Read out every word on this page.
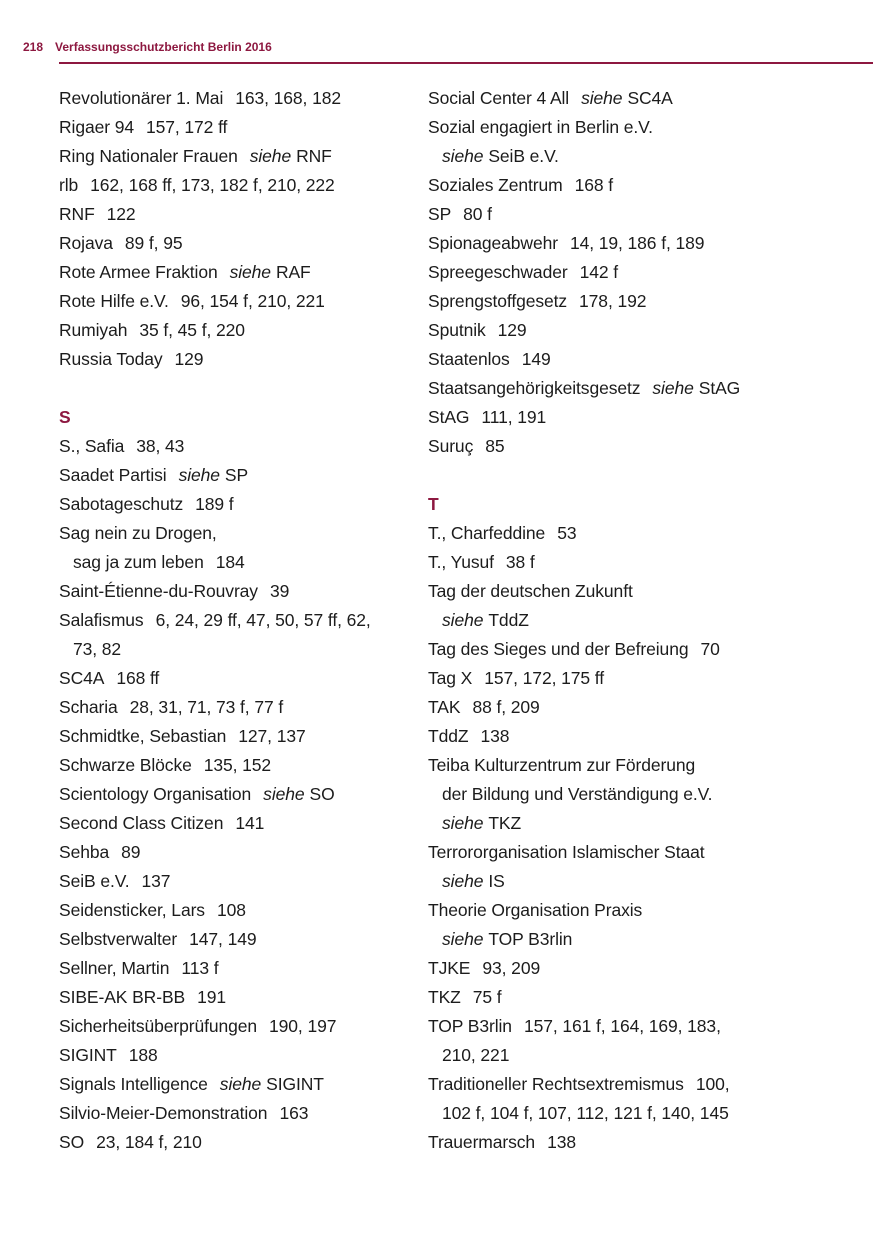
218 Verfassungsschutzbericht Berlin 2016
Revolutionärer 1. Mai 163, 168, 182
Rigaer 94 157, 172 ff
Ring Nationaler Frauen siehe RNF
rlb 162, 168 ff, 173, 182 f, 210, 222
RNF 122
Rojava 89 f, 95
Rote Armee Fraktion siehe RAF
Rote Hilfe e.V. 96, 154 f, 210, 221
Rumiyah 35 f, 45 f, 220
Russia Today 129
S
S., Safia 38, 43
Saadet Partisi siehe SP
Sabotageschutz 189 f
Sag nein zu Drogen,
sag ja zum leben 184
Saint-Étienne-du-Rouvray 39
Salafismus 6, 24, 29 ff, 47, 50, 57 ff, 62,
73, 82
SC4A 168 ff
Scharia 28, 31, 71, 73 f, 77 f
Schmidtke, Sebastian 127, 137
Schwarze Blöcke 135, 152
Scientology Organisation siehe SO
Second Class Citizen 141
Sehba 89
SeiB e.V. 137
Seidensticker, Lars 108
Selbstverwalter 147, 149
Sellner, Martin 113 f
SIBE-AK BR-BB 191
Sicherheitsüberprüfungen 190, 197
SIGINT 188
Signals Intelligence siehe SIGINT
Silvio-Meier-Demonstration 163
SO 23, 184 f, 210
Social Center 4 All siehe SC4A
Sozial engagiert in Berlin e.V.
siehe SeiB e.V.
Soziales Zentrum 168 f
SP 80 f
Spionageabwehr 14, 19, 186 f, 189
Spreegeschwader 142 f
Sprengstoffgesetz 178, 192
Sputnik 129
Staatenlos 149
Staatsangehörigkeitsgesetz siehe StAG
StAG 111, 191
Suruç 85
T
T., Charfeddine 53
T., Yusuf 38 f
Tag der deutschen Zukunft
siehe TddZ
Tag des Sieges und der Befreiung 70
Tag X 157, 172, 175 ff
TAK 88 f, 209
TddZ 138
Teiba Kulturzentrum zur Förderung
der Bildung und Verständigung e.V.
siehe TKZ
Terrororganisation Islamischer Staat
siehe IS
Theorie Organisation Praxis
siehe TOP B3rlin
TJKE 93, 209
TKZ 75 f
TOP B3rlin 157, 161 f, 164, 169, 183,
210, 221
Traditioneller Rechtsextremismus 100,
102 f, 104 f, 107, 112, 121 f, 140, 145
Trauermarsch 138
